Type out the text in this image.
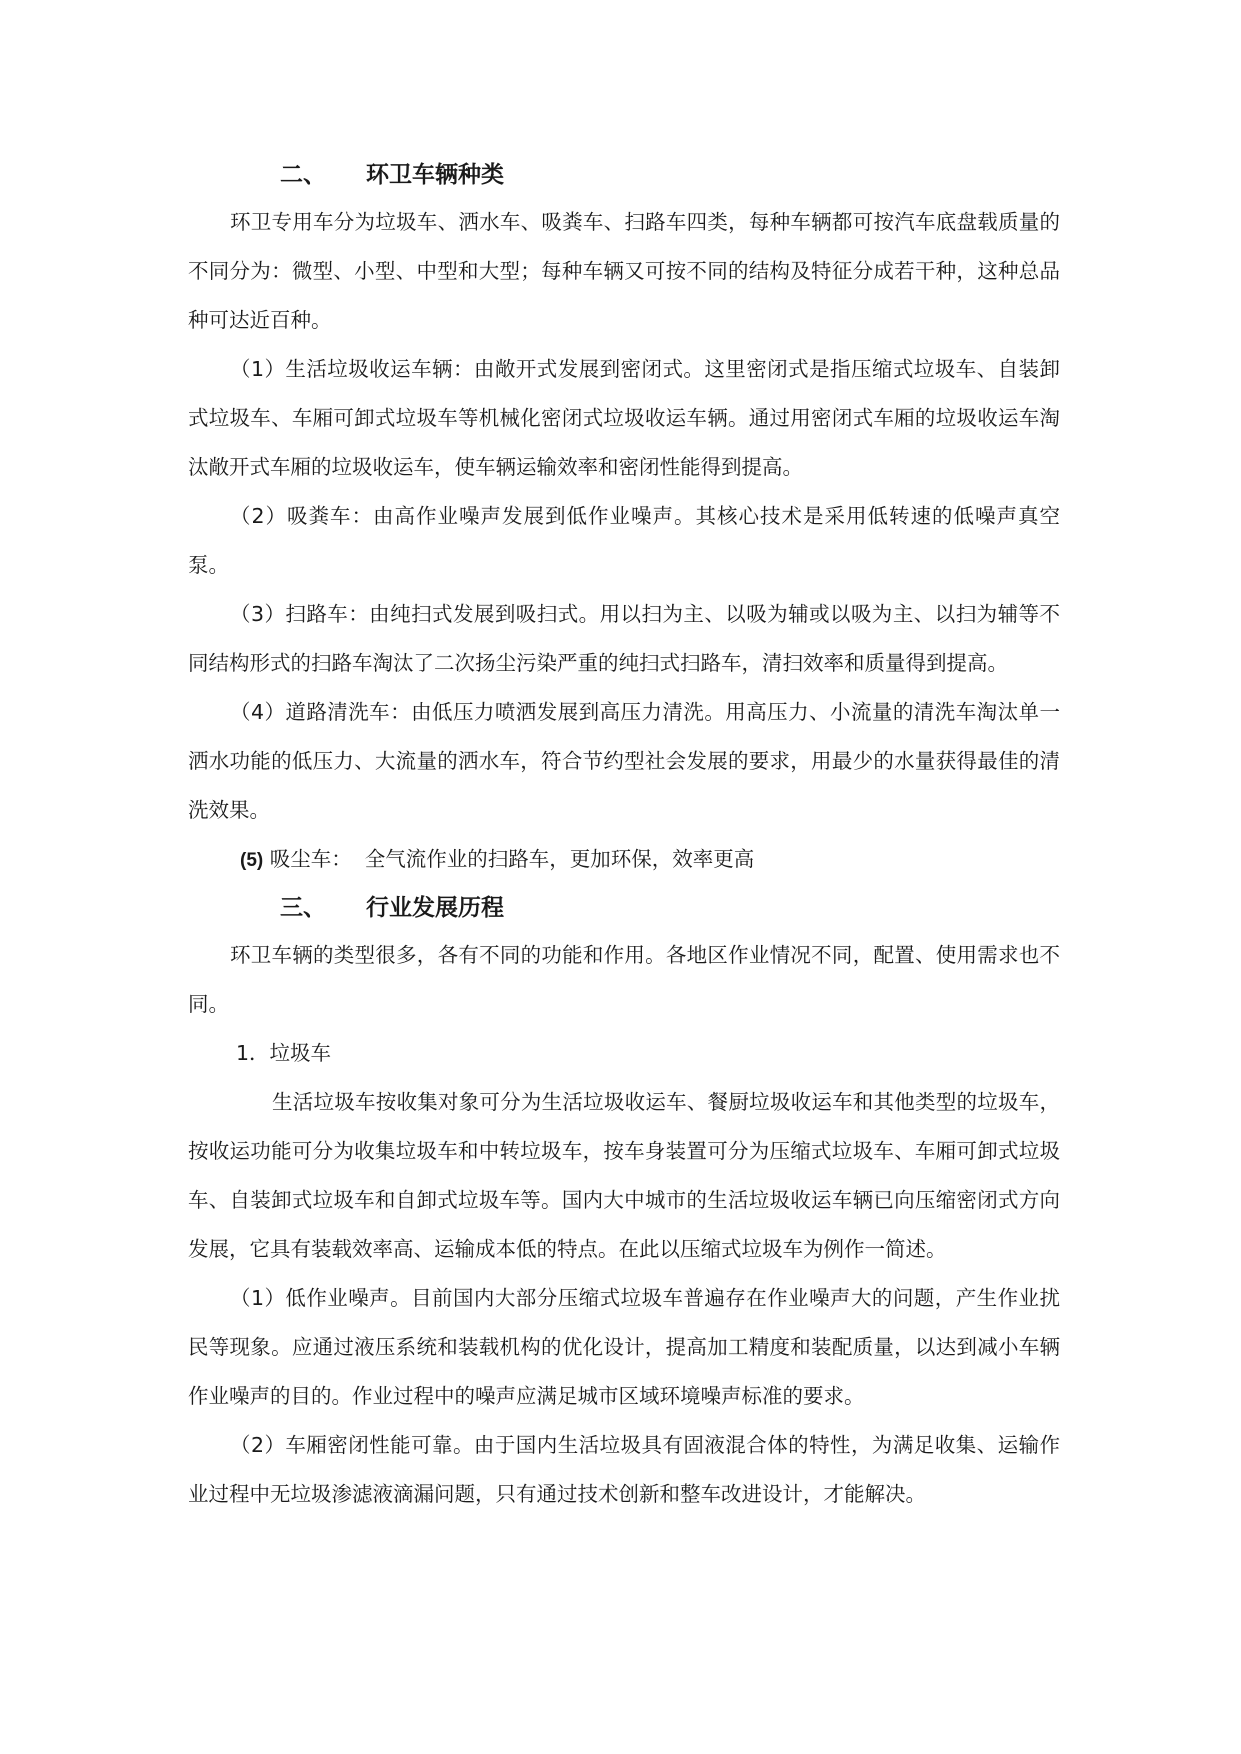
二、 环卫车辆种类

环卫专用车分为垃圾车、洒水车、吸粪车、扫路车四类，每种车辆都可按汽车底盘载质量的不同分为：微型、小型、中型和大型；每种车辆又可按不同的结构及特征分成若干种，这种总品种可达近百种。

（1）生活垃圾收运车辆：由敞开式发展到密闭式。这里密闭式是指压缩式垃圾车、自装卸式垃圾车、车厢可卸式垃圾车等机械化密闭式垃圾收运车辆。通过用密闭式车厢的垃圾收运车淘汰敞开式车厢的垃圾收运车，使车辆运输效率和密闭性能得到提高。

（2）吸粪车：由高作业噪声发展到低作业噪声。其核心技术是采用低转速的低噪声真空泵。

（3）扫路车：由纯扫式发展到吸扫式。用以扫为主、以吸为辅或以吸为主、以扫为辅等不同结构形式的扫路车淘汰了二次扬尘污染严重的纯扫式扫路车，清扫效率和质量得到提高。

（4）道路清洗车：由低压力喷洒发展到高压力清洗。用高压力、小流量的清洗车淘汰单一洒水功能的低压力、大流量的洒水车，符合节约型社会发展的要求，用最少的水量获得最佳的清洗效果。

(5) 吸尘车：  全气流作业的扫路车，更加环保，效率更高
三、 行业发展历程

环卫车辆的类型很多，各有不同的功能和作用。各地区作业情况不同，配置、使用需求也不同。

1．垃圾车

生活垃圾车按收集对象可分为生活垃圾收运车、餐厨垃圾收运车和其他类型的垃圾车，按收运功能可分为收集垃圾车和中转垃圾车，按车身装置可分为压缩式垃圾车、车厢可卸式垃圾车、自装卸式垃圾车和自卸式垃圾车等。国内大中城市的生活垃圾收运车辆已向压缩密闭式方向发展，它具有装载效率高、运输成本低的特点。在此以压缩式垃圾车为例作一简述。

（1）低作业噪声。目前国内大部分压缩式垃圾车普遍存在作业噪声大的问题，产生作业扰民等现象。应通过液压系统和装载机构的优化设计，提高加工精度和装配质量，以达到减小车辆作业噪声的目的。作业过程中的噪声应满足城市区域环境噪声标准的要求。

（2）车厢密闭性能可靠。由于国内生活垃圾具有固液混合体的特性，为满足收集、运输作业过程中无垃圾渗滤液滴漏问题，只有通过技术创新和整车改进设计，才能解决。
